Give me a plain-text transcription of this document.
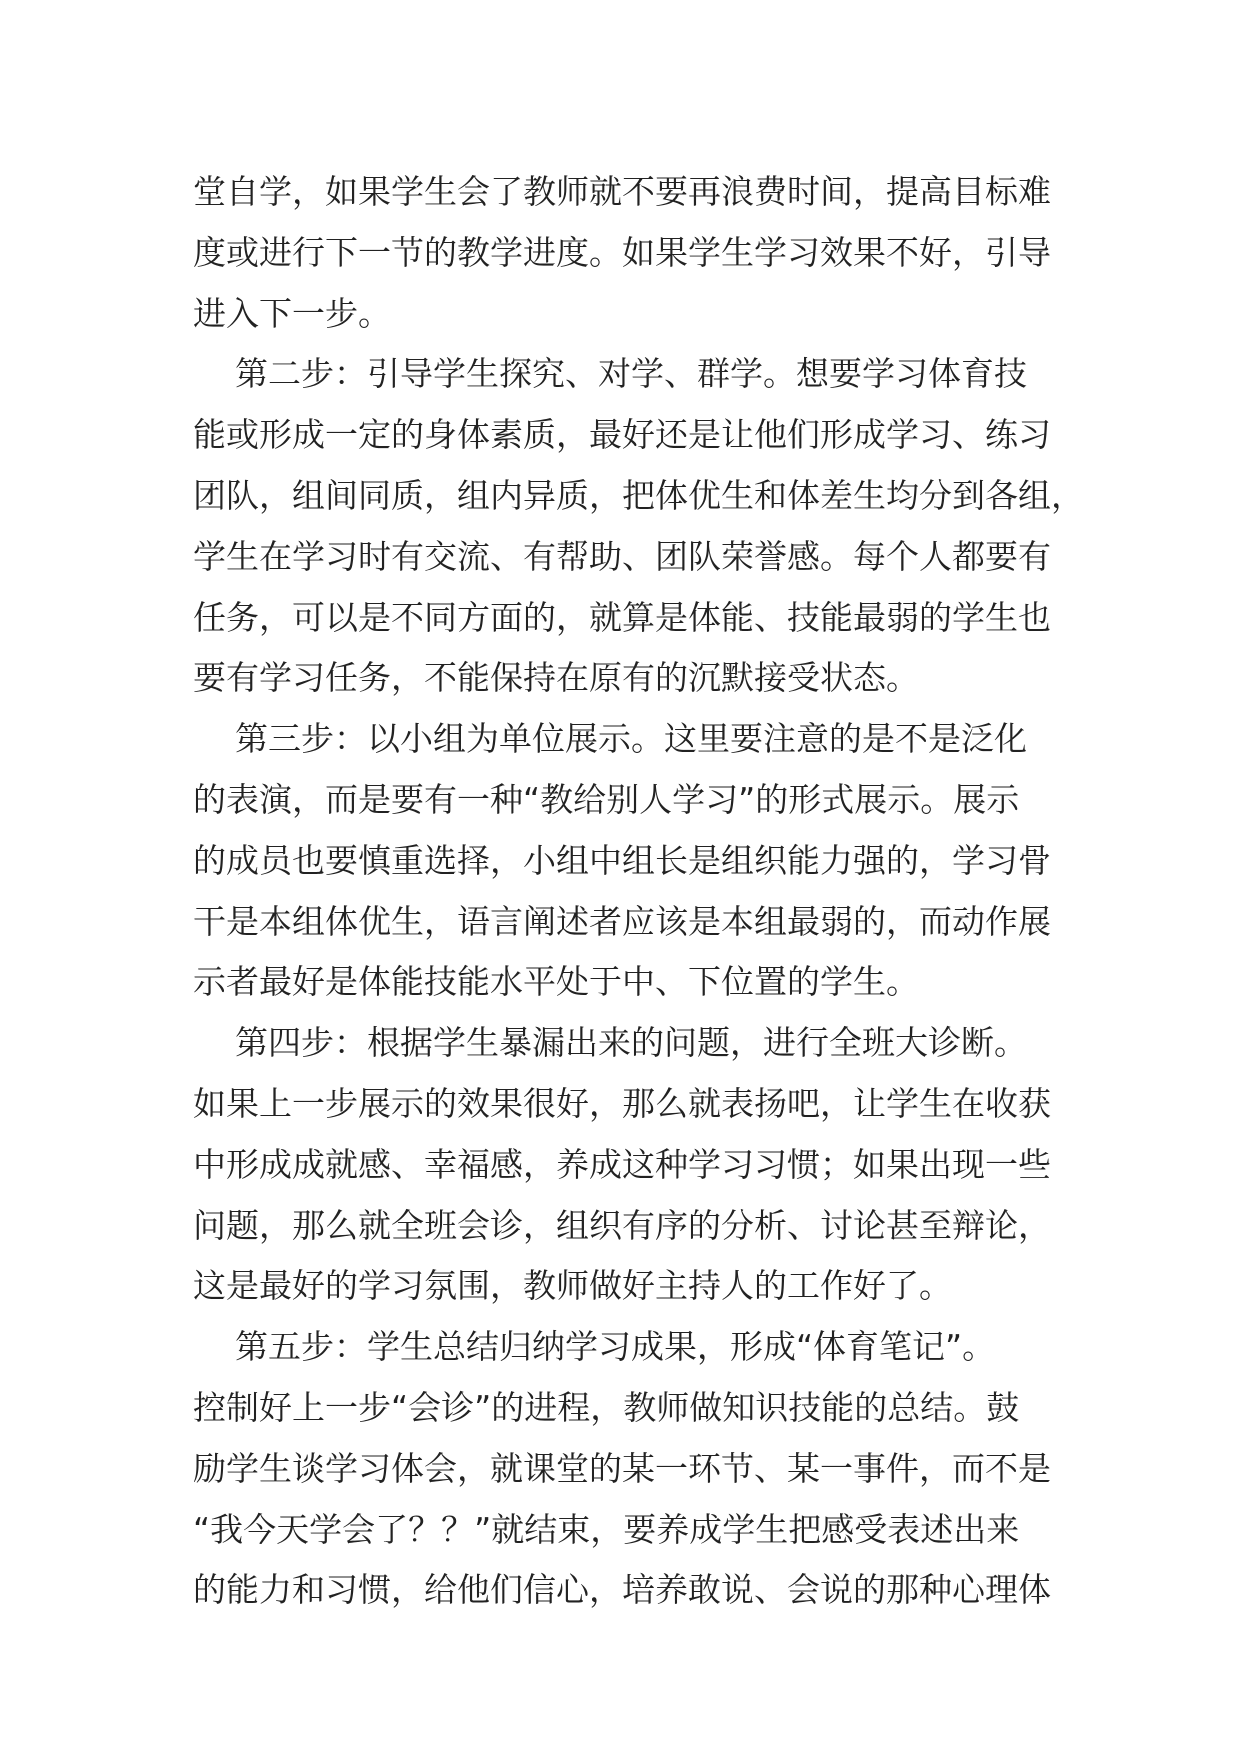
堂自学，如果学生会了教师就不要再浪费时间，提高目标难
度或进行下一节的教学进度。如果学生学习效果不好，引导
进入下一步。
第二步：引导学生探究、对学、群学。想要学习体育技
能或形成一定的身体素质，最好还是让他们形成学习、练习
团队，组间同质，组内异质，把体优生和体差生均分到各组，
学生在学习时有交流、有帮助、团队荣誉感。每个人都要有
任务，可以是不同方面的，就算是体能、技能最弱的学生也
要有学习任务，不能保持在原有的沉默接受状态。
第三步：以小组为单位展示。这里要注意的是不是泛化
的表演，而是要有一种“教给别人学习”的形式展示。展示
的成员也要慎重选择，小组中组长是组织能力强的，学习骨
干是本组体优生，语言阐述者应该是本组最弱的，而动作展
示者最好是体能技能水平处于中、下位置的学生。
第四步：根据学生暴漏出来的问题，进行全班大诊断。
如果上一步展示的效果很好，那么就表扬吧，让学生在收获
中形成成就感、幸福感，养成这种学习习惯；如果出现一些
问题，那么就全班会诊，组织有序的分析、讨论甚至辩论，
这是最好的学习氛围，教师做好主持人的工作好了。
第五步：学生总结归纳学习成果，形成“体育笔记”。
控制好上一步“会诊”的进程，教师做知识技能的总结。鼓
励学生谈学习体会，就课堂的某一环节、某一事件，而不是
“我今天学会了？？”就结束，要养成学生把感受表述出来
的能力和习惯，给他们信心，培养敢说、会说的那种心理体
